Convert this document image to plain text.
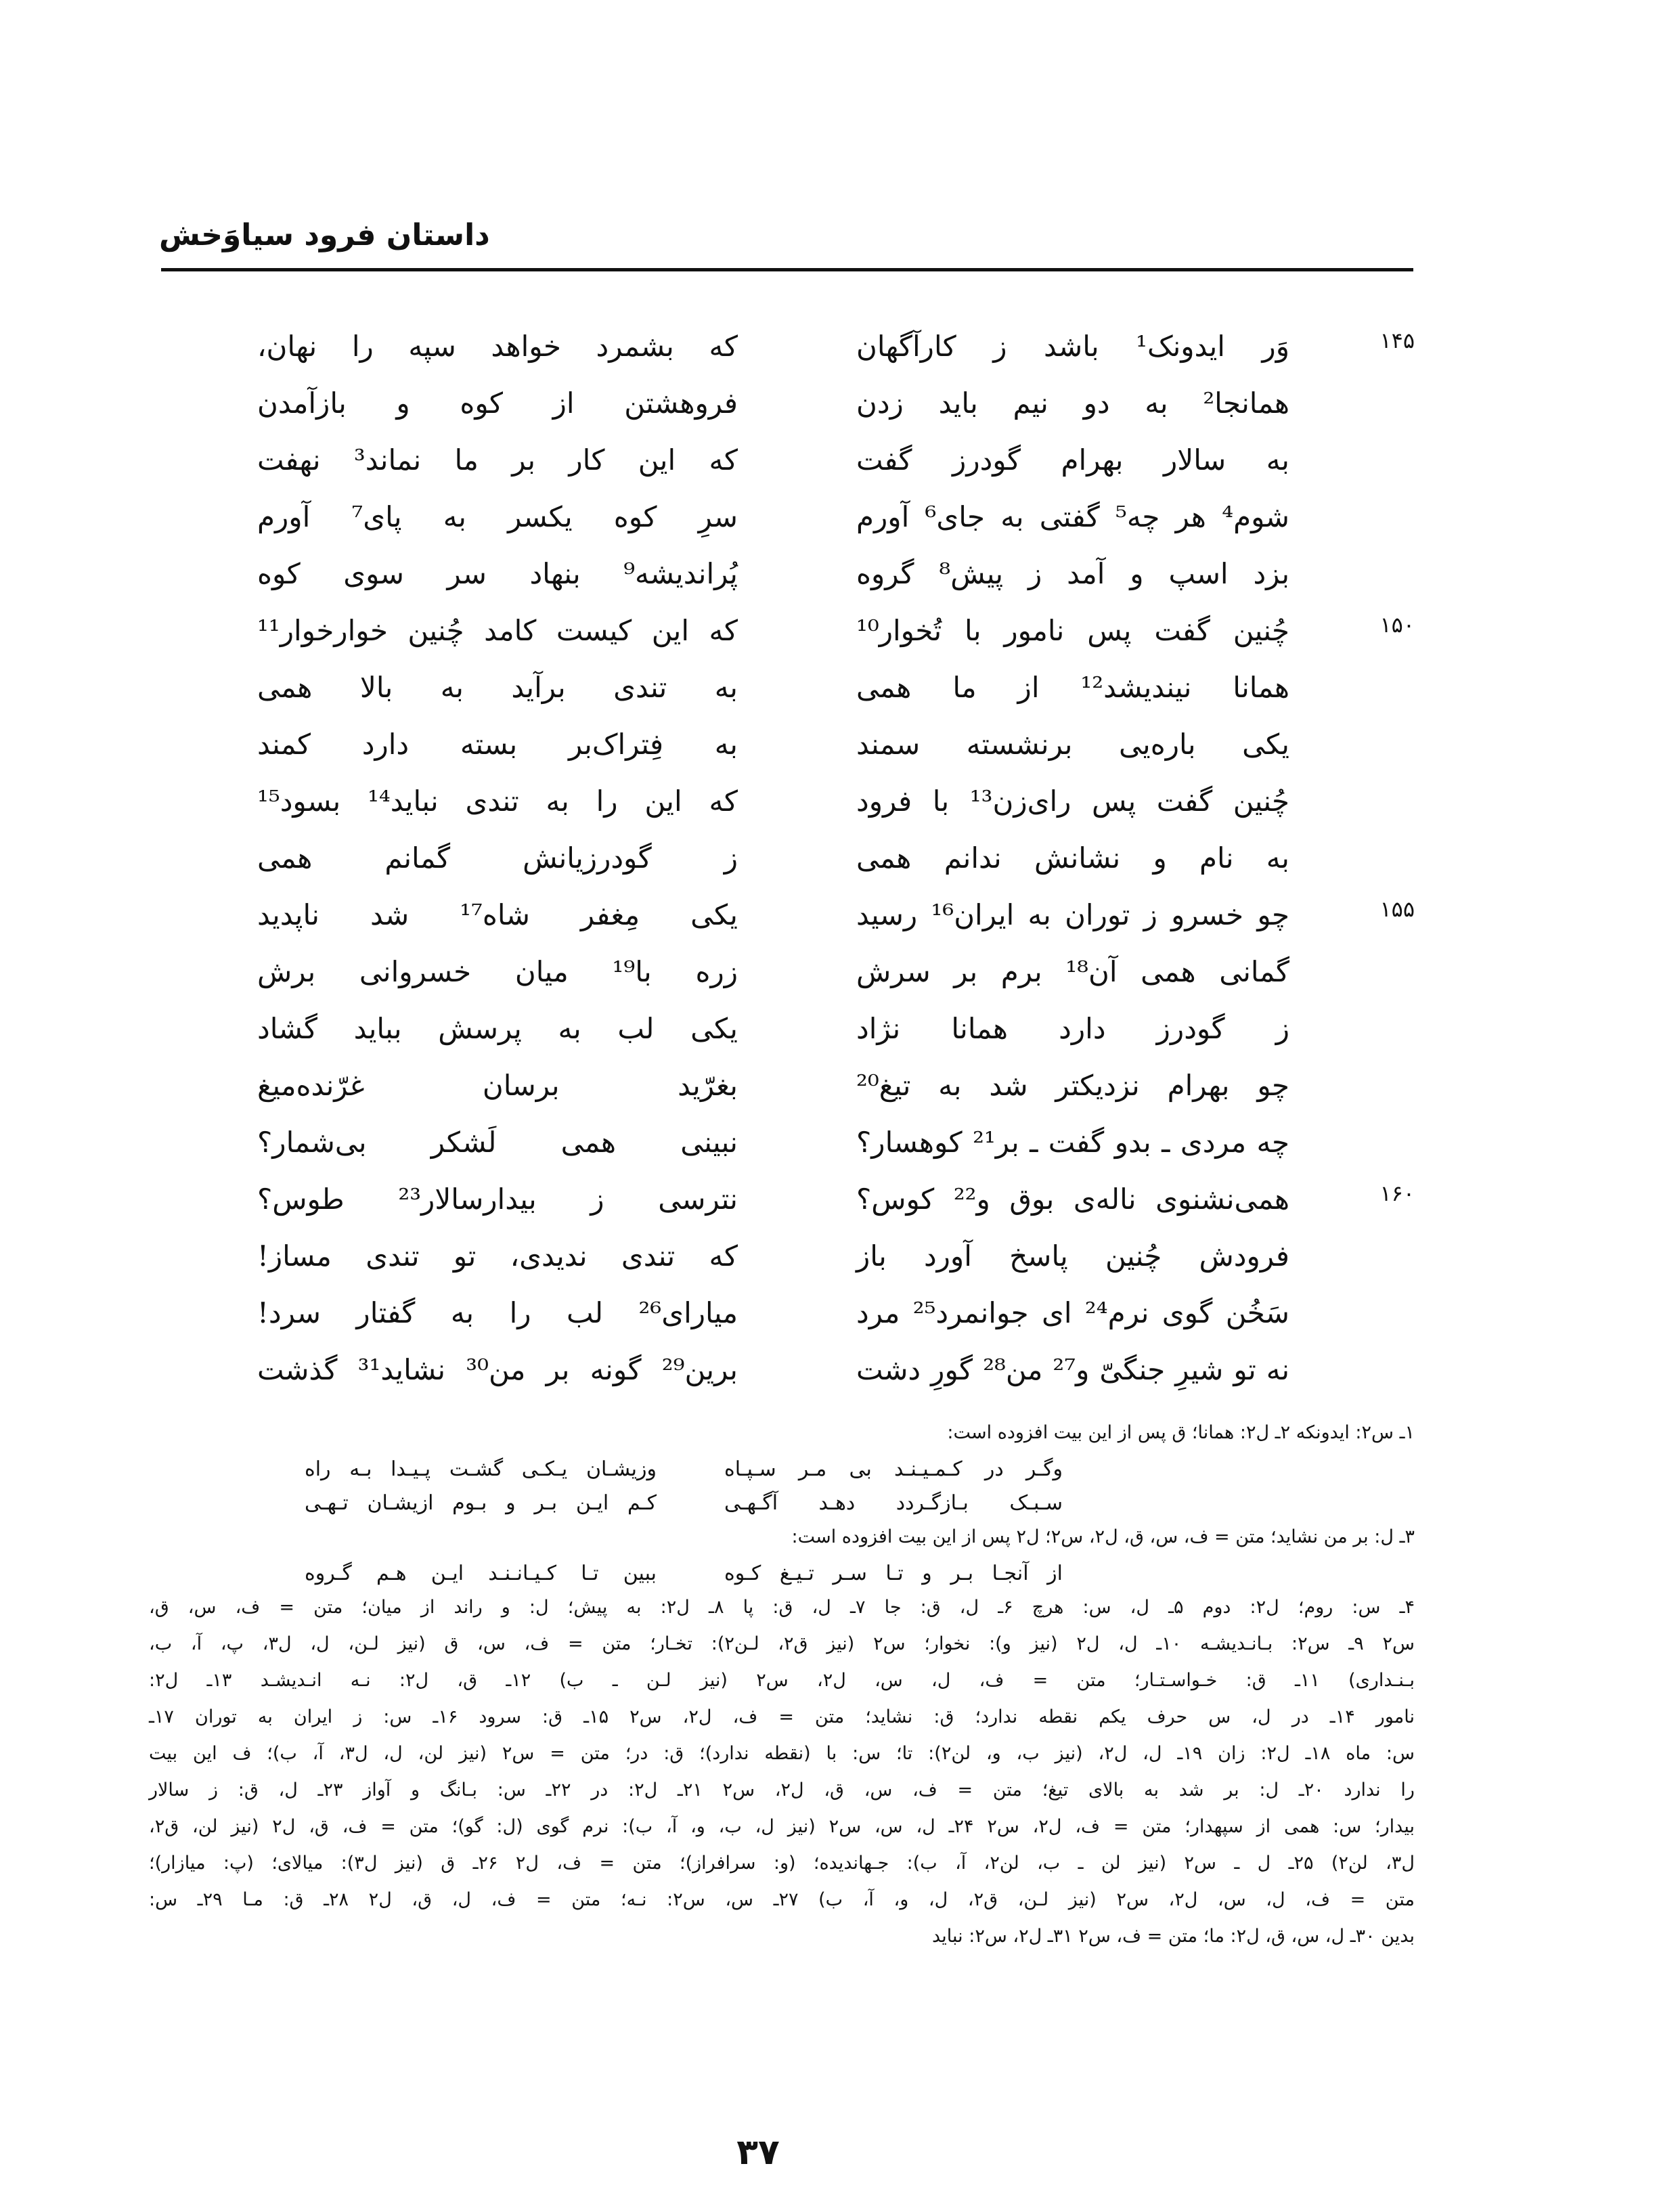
داستان فرود سیاوَخش
۱۴۵
وَر ایدونک¹ باشد ز کارآگهان
که بشمرد خواهد سپه را نهان،
همانجا² به دو نیم باید زدن
فروهشتن از کوه و بازآمدن
به سالار بهرام گودرز گفت
که این کار بر ما نماند³ نهفت
شوم⁴ هر چه⁵ گفتی به جای⁶ آورم
سرِ کوه یکسر به پای⁷ آورم
بزد اسپ و آمد ز پیش⁸ گروه
پُراندیشه⁹ بنهاد سر سوی کوه
۱۵۰
چُنین گفت پس نامور با تُخوار¹⁰
که این کیست کامد چُنین خوارخوار¹¹
همانا نیندیشد¹² از ما همی
به تندی برآید به بالا همی
یکی باره‌یی برنشسته سمند
به فِتراک‌بر بسته دارد کمند
چُنین گفت پس رای‌زن¹³ با فرود
که این را به تندی نباید¹⁴ بسود¹⁵
به نام و نشانش ندانم همی
ز گودرزیانش گمانم همی
۱۵۵
چو خسرو ز توران به ایران¹⁶ رسید
یکی مِغفر شاه¹⁷ شد ناپدید
گمانی همی آن¹⁸ برم بر سرش
زره با¹⁹ میان خسروانی برش
ز گودرز دارد همانا نژاد
یکی لب به پرسش بباید گشاد
چو بهرام نزدیکتر شد به تیغ²⁰
بغرّید برسان غرّنده‌میغ
چه مردی ـ بدو گفت ـ بر²¹ کوهسار؟
نبینی همی لَشکر بی‌شمار؟
۱۶۰
همی‌نشنوی ناله‌ی بوق و²² کوس؟
نترسی ز بیدارسالار²³ طوس؟
فرودش چُنین پاسخ آورد باز
که تندی ندیدی، تو تندی مساز!
سَخُن گوی نرم²⁴ ای جوانمرد²⁵ مرد
میارای²⁶ لب را به گفتار سرد!
نه تو شیرِ جنگیّ و²⁷ من²⁸ گورِ دشت
برین²⁹ گونه بر من³⁰ نشاید³¹ گذشت
۱ـ س۲: ایدونکه ۲ـ ل۲: همانا؛ ق پس از این بیت افزوده است:
وگـر در کـمـیـنـد بی مـر سـپـاه
وزیشـان یـکـی گشـت پـیـدا بـه راه
سـبـک بـازگـردد دهـد آگـهـی
کـم ایـن بـر و بـوم ازیشـان تـهـی
۳ـ ل: بر من نشاید؛ متن = ف، س، ق، ل۲، س۲؛ ل۲ پس از این بیت افزوده است:
از آنجـا بـر و تـا سـر تـیـغ کـوه
ببین تـا کـیـانـنـد ایـن هـم گـروه
۴ـ س: روم؛ ل۲: دوم ۵ـ ل، س: هرچ ۶ـ ل، ق: جا ۷ـ ل، ق: پا ۸ـ ل۲: به پیش؛ ل: و راند از میان؛ متن = ف، س، ق،
س۲ ۹ـ س۲: بـانـدیشـه ۱۰ـ ل، ل۲ (نیز و): نخوار؛ س۲ (نیز ق۲، لـن۲): تخـار؛ متن = ف، س، ق (نیز لـن، ل، ل۳، پ، آ، ب،
بـنـداری) ۱۱ـ ق: خـواسـتـار؛ متن = ف، ل، س، ل۲، س۲ (نیز لـن ـ ب) ۱۲ـ ق، ل۲: نـه انـدیشـد ۱۳ـ ل۲:
نامور ۱۴ـ در ل، س حرف یکم نقطه ندارد؛ ق: نشاید؛ متن = ف، ل۲، س۲ ۱۵ـ ق: سرود ۱۶ـ س: ز ایران به توران ۱۷ـ
س: ماه ۱۸ـ ل۲: زان ۱۹ـ ل، ل۲، (نیز ب، و، لن۲): تا؛ س: با (نقطه ندارد)؛ ق: در؛ متن = س۲ (نیز لن، ل، ل۳، آ، ب)؛ ف این بیت
را ندارد ۲۰ـ ل: بر شد به بالای تیغ؛ متن = ف، س، ق، ل۲، س۲ ۲۱ـ ل۲: در ۲۲ـ س: بـانگ و آواز ۲۳ـ ل، ق: ز سالار
بیدار؛ س: همی از سپهدار؛ متن = ف، ل۲، س۲ ۲۴ـ ل، س، س۲ (نیز ل، ب، و، آ، ب): نرم گوی (ل: گو)؛ متن = ف، ق، ل۲ (نیز لن، ق۲،
ل۳، لن۲) ۲۵ـ ل ـ س۲ (نیز لن ـ ب، لن۲، آ، ب): جـهاندیده؛ (و: سرافراز)؛ متن = ف، ل۲ ۲۶ـ ق (نیز ل۳): میالای؛ (پ: میازار)؛
متن = ف، ل، س، ل۲، س۲ (نیز لـن، ق۲، ل، و، آ، ب) ۲۷ـ س، س۲: نـه؛ متن = ف، ل، ق، ل۲ ۲۸ـ ق: مـا ۲۹ـ س:
بدین ۳۰ـ ل، س، ق، ل۲: ما؛ متن = ف، س۲ ۳۱ـ ل۲، س۲: نباید
۳۷
